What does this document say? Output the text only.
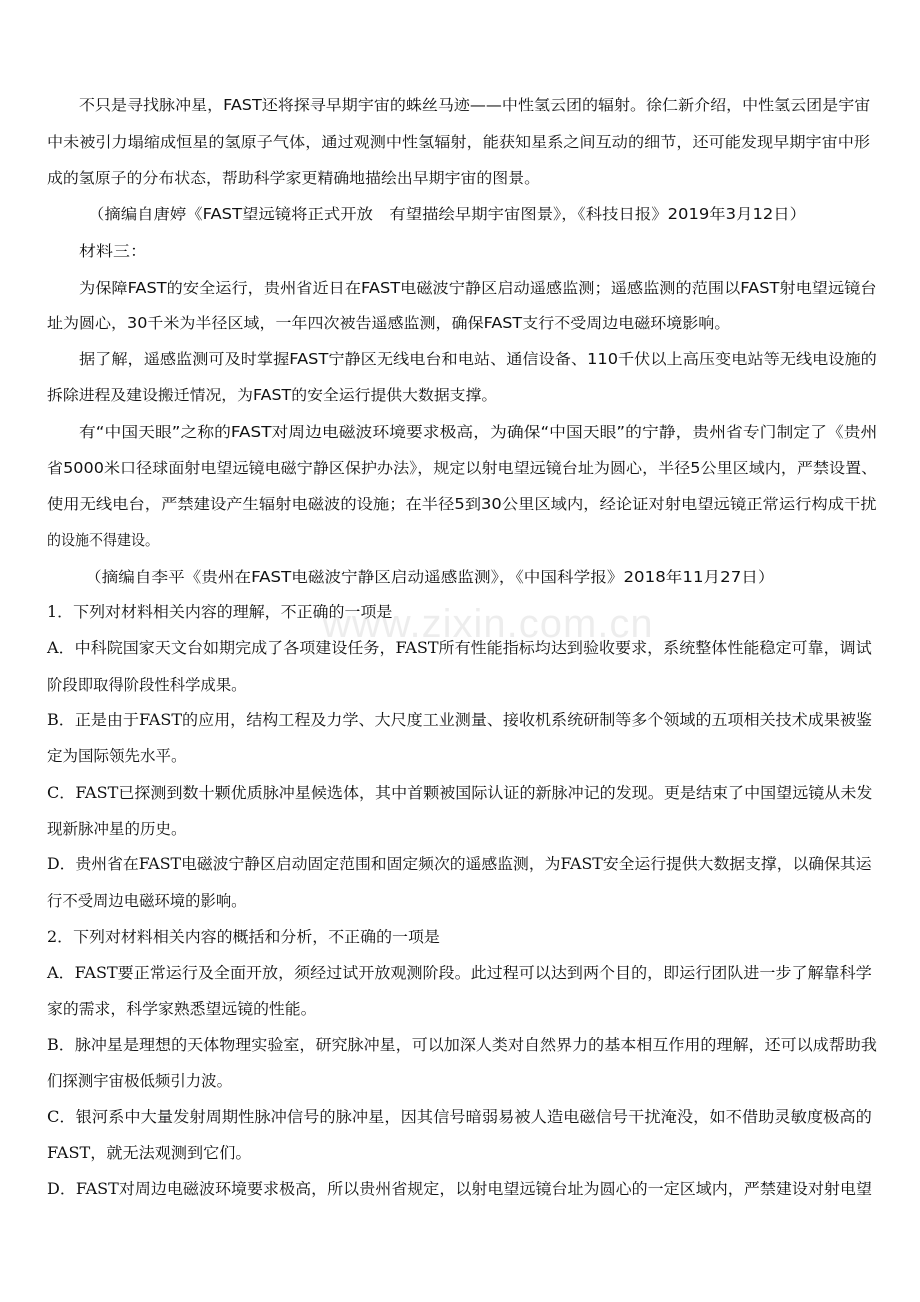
www.zixin.com.cn

不只是寻找脉冲星，FAST还将探寻早期宇宙的蛛丝马迹——中性氢云团的辐射。徐仁新介绍，中性氢云团是宇宙

中未被引力塌缩成恒星的氢原子气体，通过观测中性氢辐射，能获知星系之间互动的细节，还可能发现早期宇宙中形

成的氢原子的分布状态，帮助科学家更精确地描绘出早期宇宙的图景。

（摘编自唐婷《FAST望远镜将正式开放　有望描绘早期宇宙图景》，《科技日报》2019年3月12日）

材料三：

为保障FAST的安全运行，贵州省近日在FAST电磁波宁静区启动遥感监测；遥感监测的范围以FAST射电望远镜台

址为圆心，30千米为半径区域，一年四次被告遥感监测，确保FAST支行不受周边电磁环境影响。

据了解，遥感监测可及时掌握FAST宁静区无线电台和电站、通信设备、110千伏以上高压变电站等无线电设施的

拆除进程及建设搬迁情况，为FAST的安全运行提供大数据支撑。

有“中国天眼”之称的FAST对周边电磁波环境要求极高，为确保“中国天眼”的宁静，贵州省专门制定了《贵州

省5000米口径球面射电望远镜电磁宁静区保护办法》，规定以射电望远镜台址为圆心，半径5公里区域内，严禁设置、

使用无线电台，严禁建设产生辐射电磁波的设施；在半径5到30公里区域内，经论证对射电望远镜正常运行构成干扰

的设施不得建设。

（摘编自李平《贵州在FAST电磁波宁静区启动遥感监测》，《中国科学报》2018年11月27日）

1．下列对材料相关内容的理解，不正确的一项是

A．中科院国家天文台如期完成了各项建设任务，FAST所有性能指标均达到验收要求，系统整体性能稳定可靠，调试

阶段即取得阶段性科学成果。

B．正是由于FAST的应用，结构工程及力学、大尺度工业测量、接收机系统研制等多个领域的五项相关技术成果被鉴

定为国际领先水平。

C．FAST已探测到数十颗优质脉冲星候选体，其中首颗被国际认证的新脉冲记的发现。更是结束了中国望远镜从未发

现新脉冲星的历史。

D．贵州省在FAST电磁波宁静区启动固定范围和固定频次的遥感监测，为FAST安全运行提供大数据支撑，以确保其运

行不受周边电磁环境的影响。

2．下列对材料相关内容的概括和分析，不正确的一项是

A．FAST要正常运行及全面开放，须经过试开放观测阶段。此过程可以达到两个目的，即运行团队进一步了解靠科学

家的需求，科学家熟悉望远镜的性能。

B．脉冲星是理想的天体物理实验室，研究脉冲星，可以加深人类对自然界力的基本相互作用的理解，还可以成帮助我

们探测宇宙极低频引力波。

C．银河系中大量发射周期性脉冲信号的脉冲星，因其信号暗弱易被人造电磁信号干扰淹没，如不借助灵敏度极高的

FAST，就无法观测到它们。

D．FAST对周边电磁波环境要求极高，所以贵州省规定，以射电望远镜台址为圆心的一定区域内，严禁建设对射电望
